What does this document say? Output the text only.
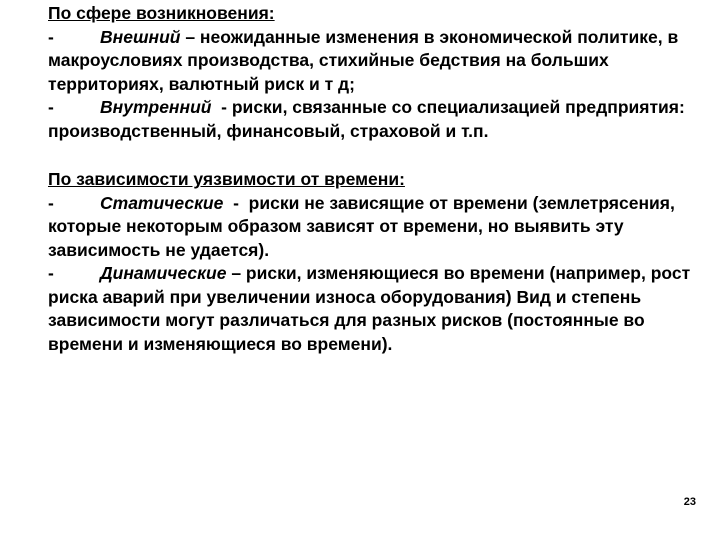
По сфере возникновения:

-	Внешний – неожиданные изменения в экономической политике, в макроусловиях производства, стихийные бедствия на больших территориях, валютный риск и т д;

-	Внутренний  - риски, связанные со специализацией предприятия: производственный, финансовый, страховой и т.п.

По зависимости уязвимости от времени:

-	Статические  -  риски не зависящие от времени (землетрясения, которые некоторым образом зависят от времени, но выявить эту зависимость не удается).

-	Динамические – риски, изменяющиеся во времени (например, рост риска аварий при увеличении износа оборудования) Вид и степень зависимости могут различаться для разных рисков (постоянные во времени и изменяющиеся во времени).

23
